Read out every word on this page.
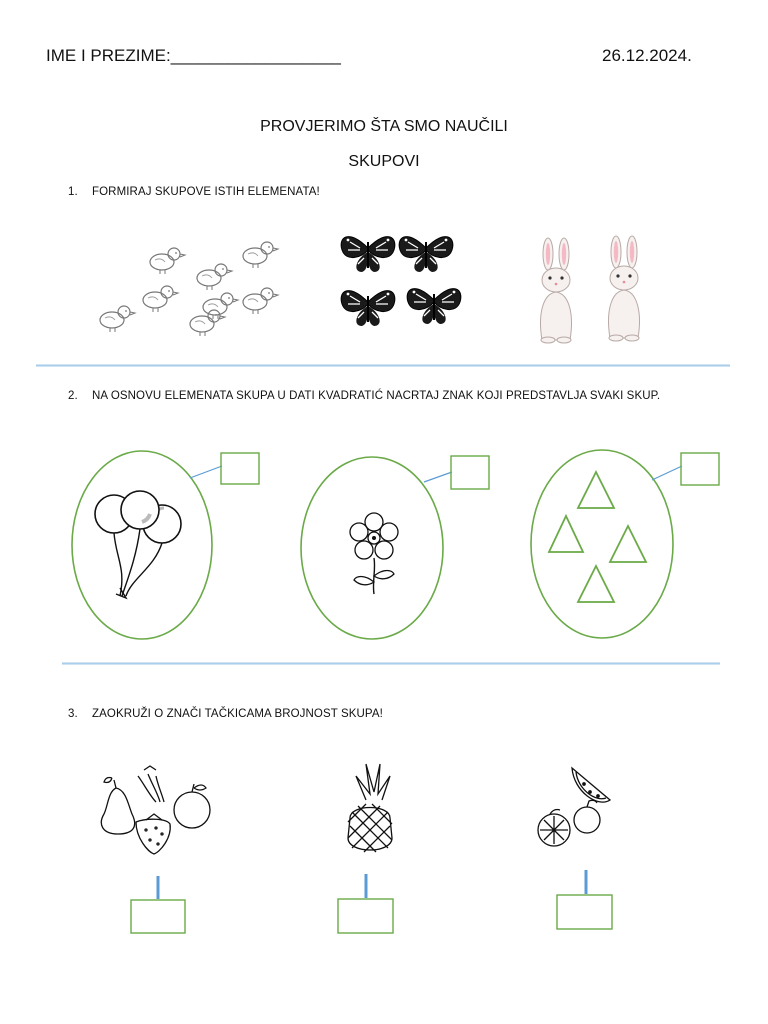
IME I PREZIME:__________________	26.12.2024.
PROVJERIMO ŠTA SMO NAUČILI
SKUPOVI
1. FORMIRAJ SKUPOVE ISTIH ELEMENATA!
2. NA OSNOVU ELEMENATA SKUPA U DATI KVADRATIĆ NACRTAJ ZNAK KOJI PREDSTAVLJA SVAKI SKUP.
3. ZAOKRUŽI O ZNAČI TAČKICAMA BROJNOST SKUPA!
